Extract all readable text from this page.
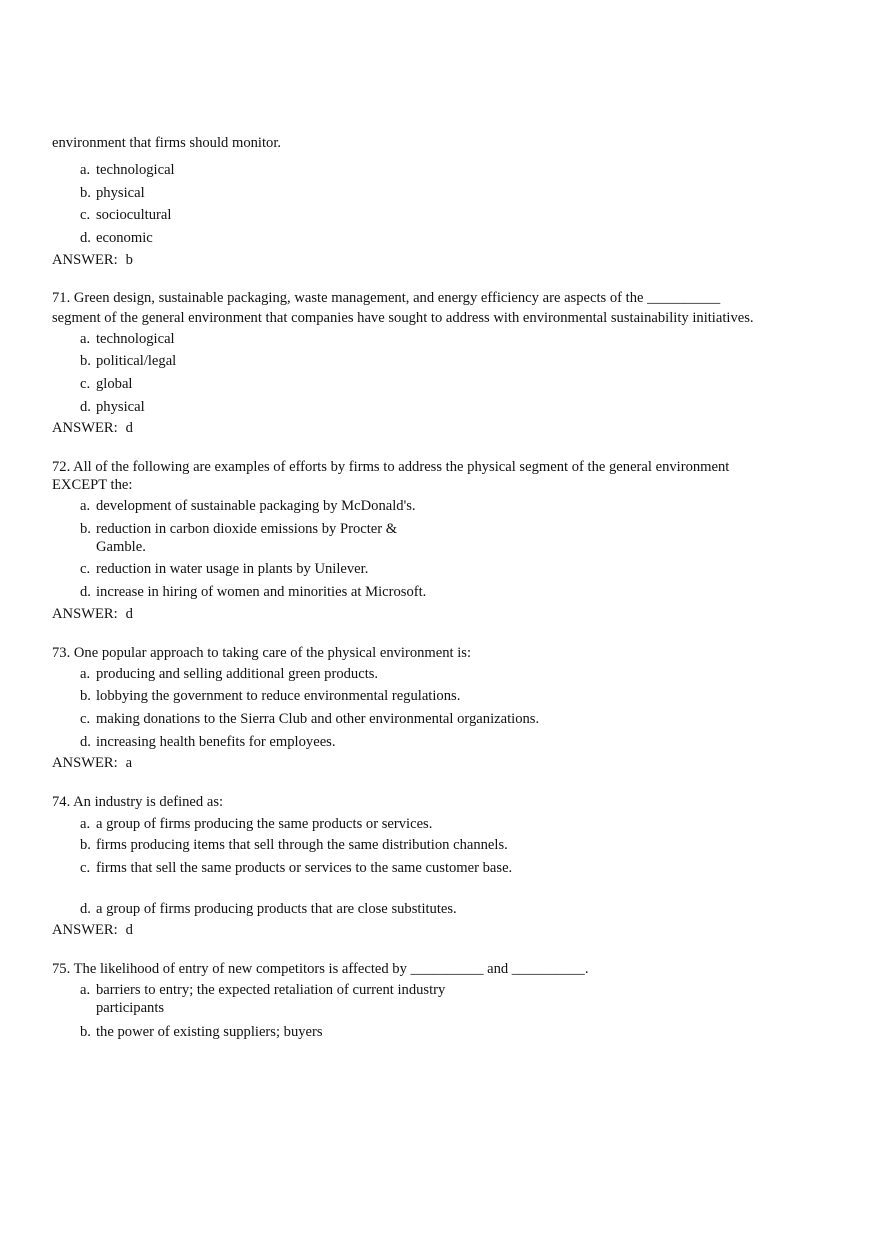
environment that firms should monitor.
a. technological
b. physical
c. sociocultural
d. economic
ANSWER: b
71. Green design, sustainable packaging, waste management, and energy efficiency are aspects of the __________
segment of the general environment that companies have sought to address with environmental sustainability initiatives.
a. technological
b. political/legal
c. global
d. physical
ANSWER: d
72. All of the following are examples of efforts by firms to address the physical segment of the general environment
EXCEPT the:
a. development of sustainable packaging by McDonald's.
b. reduction in carbon dioxide emissions by Procter & Gamble.
c. reduction in water usage in plants by Unilever.
d. increase in hiring of women and minorities at Microsoft.
ANSWER: d
73. One popular approach to taking care of the physical environment is:
a. producing and selling additional green products.
b. lobbying the government to reduce environmental regulations.
c. making donations to the Sierra Club and other environmental organizations.
d. increasing health benefits for employees.
ANSWER: a
74. An industry is defined as:
a. a group of firms producing the same products or services.
b. firms producing items that sell through the same distribution channels.
c. firms that sell the same products or services to the same customer base.
d. a group of firms producing products that are close substitutes.
ANSWER: d
75. The likelihood of entry of new competitors is affected by __________ and __________.
a. barriers to entry; the expected retaliation of current industry participants
b. the power of existing suppliers; buyers
